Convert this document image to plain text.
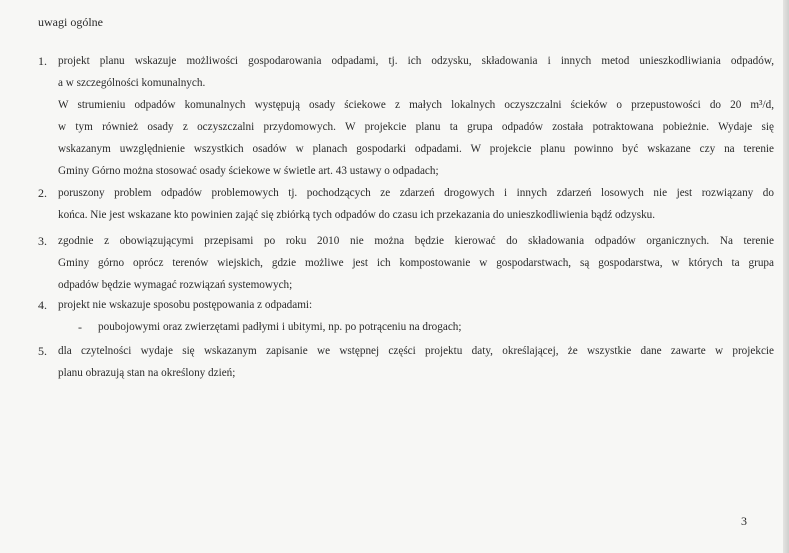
uwagi ogólne
1. projekt planu wskazuje możliwości gospodarowania odpadami, tj. ich odzysku, składowania i innych metod unieszkodliwiania odpadów,
a w szczególności komunalnych.
W strumieniu odpadów komunalnych występują osady ściekowe z małych lokalnych oczyszczalni ścieków o przepustowości do 20 m³/d,
w tym również osady z oczyszczalni przydomowych. W projekcie planu ta grupa odpadów została potraktowana pobieżnie. Wydaje się
wskazanym uwzględnienie wszystkich osadów w planach gospodarki odpadami. W projekcie planu powinno być wskazane czy na terenie
Gminy Górno można stosować osady ściekowe w świetle art. 43 ustawy o odpadach;
2. poruszony problem odpadów problemowych tj. pochodzących ze zdarzeń drogowych i innych zdarzeń losowych nie jest rozwiązany do
końca. Nie jest wskazane kto powinien zająć się zbiórką tych odpadów do czasu ich przekazania do unieszkodliwienia bądź odzysku.
3. zgodnie z obowiązującymi przepisami po roku 2010 nie można będzie kierować do składowania odpadów organicznych. Na terenie
Gminy górno oprócz terenów wiejskich, gdzie możliwe jest ich kompostowanie w gospodarstwach, są gospodarstwa, w których ta grupa
odpadów będzie wymagać rozwiązań systemowych;
4. projekt nie wskazuje sposobu postępowania z odpadami:
- poubojowymi oraz zwierzętami padłymi i ubitymi, np. po potrąceniu na drogach;
5. dla czytelności wydaje się wskazanym zapisanie we wstępnej części projektu daty, określającej, że wszystkie dane zawarte w projekcie
planu obrazują stan na określony dzień;
3
